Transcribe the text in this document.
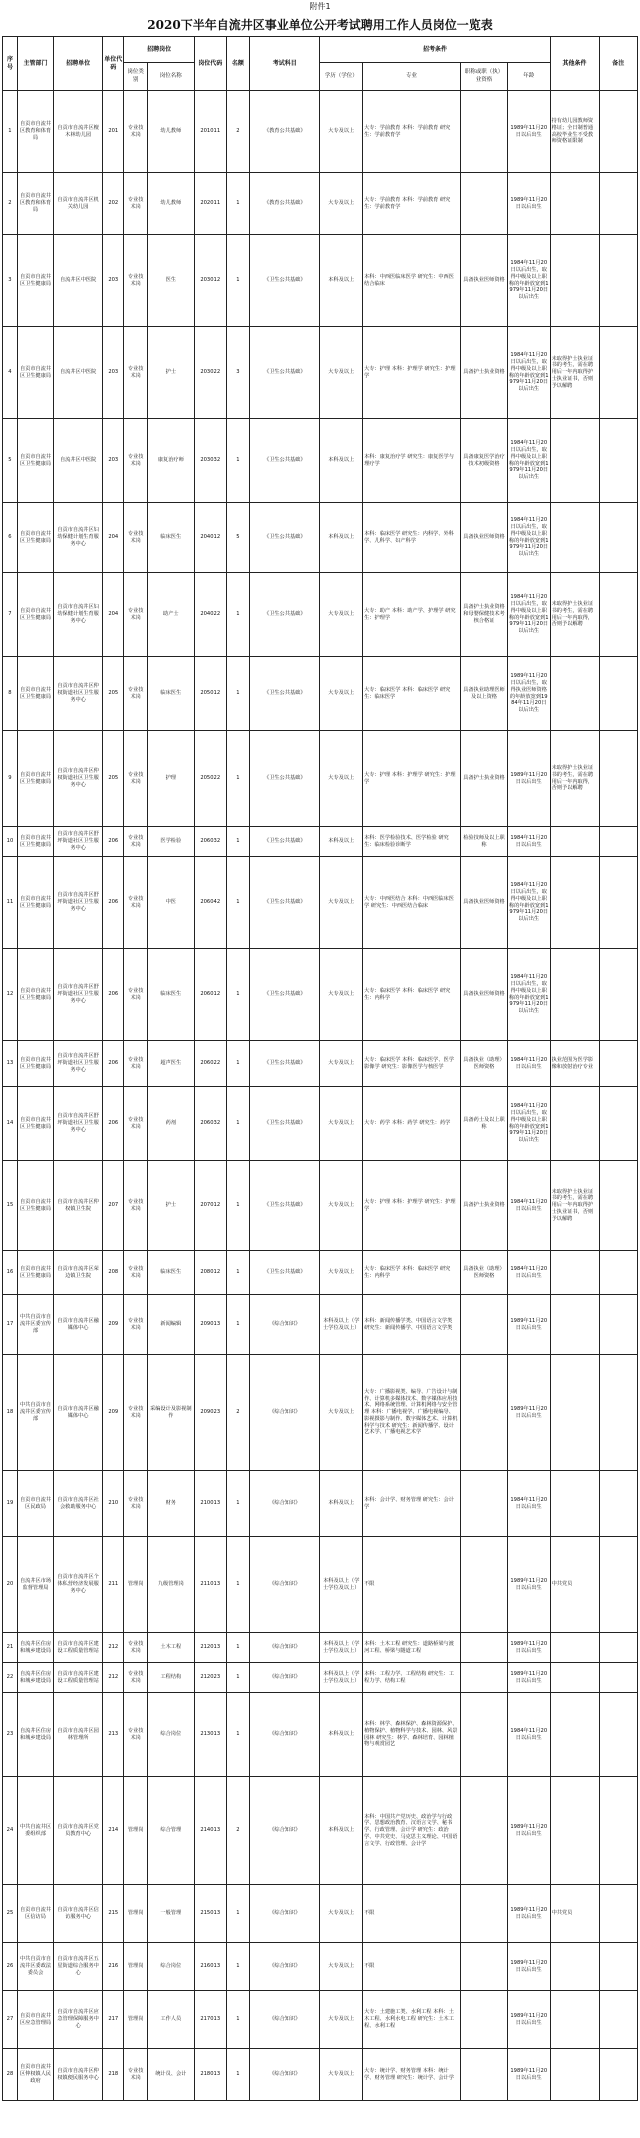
附件1
2020下半年自流井区事业单位公开考试聘用工作人员岗位一览表
序号	主管部门	招聘单位	单位代码	招聘岗位		岗位代码	名额	考试科目	招考条件				其他条件	备注
				岗位类别	岗位名称				学历（学位）	专业	职称或职（执）业资格	年龄		
1	自贡市自流井区教育和体育局	自贡市自流井区檀木林幼儿园	201	专业技术岗	幼儿教师	201011	2	《教育公共基础》	大专及以上	大专：学前教育 本科：学前教育 研究生：学前教育学		1989年11月20日以后出生	持有幼儿园教师资格证；全日制普通高校毕业生不受教师资格证限制	
2	自贡市自流井区教育和体育局	自贡市自流井区机关幼儿园	202	专业技术岗	幼儿教师	202011	1	《教育公共基础》	大专及以上	大专：学前教育 本科：学前教育 研究生：学前教育学		1989年11月20日以后出生		
3	自贡市自流井区卫生健康局	自流井区中医院	203	专业技术岗	医生	203012	1	《卫生公共基础》	本科及以上	本科：中西医临床医学 研究生：中西医结合临床	具备执业医师资格	1984年11月20日以后出生，取得中级及以上职称的年龄放宽到1979年11月20日以后出生		
4	自贡市自流井区卫生健康局	自流井区中医院	203	专业技术岗	护士	203022	3	《卫生公共基础》	大专及以上	大专：护理 本科：护理学 研究生：护理学	具备护士执业资格	1984年11月20日以后出生，取得中级及以上职称的年龄放宽到1979年11月20日以后出生	未取得护士执业证书的考生，需在聘用后一年内取得护士执业证书，否则予以解聘	
5	自贡市自流井区卫生健康局	自流井区中医院	203	专业技术岗	康复治疗师	203032	1	《卫生公共基础》	本科及以上	本科：康复治疗学 研究生：康复医学与理疗学	具备康复医学治疗技术初级资格	1984年11月20日以后出生，取得中级及以上职称的年龄放宽到1979年11月20日以后出生		
6	自贡市自流井区卫生健康局	自贡市自流井区妇幼保健计划生育服务中心	204	专业技术岗	临床医生	204012	5	《卫生公共基础》	本科及以上	本科：临床医学 研究生：内科学、外科学、儿科学、妇产科学	具备执业医师资格	1984年11月20日以后出生，取得中级及以上职称的年龄放宽到1979年11月20日以后出生		
7	自贡市自流井区卫生健康局	自贡市自流井区妇幼保健计划生育服务中心	204	专业技术岗	助产士	204022	1	《卫生公共基础》	大专及以上	大专：助产 本科：助产学、护理学 研究生：护理学	具备护士执业资格和母婴保健技术考核合格证	1984年11月20日以后出生，取得中级及以上职称的年龄放宽到1979年11月20日以后出生	未取得护士执业证书的考生，需在聘用后一年内取得，否则予以解聘	
8	自贡市自流井区卫生健康局	自贡市自流井区仲权街道社区卫生服务中心	205	专业技术岗	临床医生	205012	1	《卫生公共基础》	大专及以上	大专：临床医学 本科：临床医学 研究生：临床医学	具备执业助理医师及以上资格	1989年11月20日以后出生，取得执业医师资格的年龄放宽到1984年11月20日以后出生		
9	自贡市自流井区卫生健康局	自贡市自流井区仲权街道社区卫生服务中心	205	专业技术岗	护理	205022	1	《卫生公共基础》	大专及以上	大专：护理 本科：护理学 研究生：护理学	具备护士执业资格	1989年11月20日以后出生	未取得护士执业证书的考生，需在聘用后一年内取得，否则予以解聘	
10	自贡市自流井区卫生健康局	自贡市自流井区舒坪街道社区卫生服务中心	206	专业技术岗	医学检验	206032	1	《卫生公共基础》	本科及以上	本科：医学检验技术、医学检验 研究生：临床检验诊断学	检验技师及以上职称	1984年11月20日以后出生		
11	自贡市自流井区卫生健康局	自贡市自流井区舒坪街道社区卫生服务中心	206	专业技术岗	中医	206042	1	《卫生公共基础》	大专及以上	大专：中西医结合 本科：中西医临床医学 研究生：中西医结合临床	具备执业医师资格	1984年11月20日以后出生，取得中级及以上职称的年龄放宽到1979年11月20日以后出生		
12	自贡市自流井区卫生健康局	自贡市自流井区舒坪街道社区卫生服务中心	206	专业技术岗	临床医生	206012	1	《卫生公共基础》	大专及以上	大专：临床医学 本科：临床医学 研究生：内科学	具备执业医师资格	1984年11月20日以后出生，取得中级及以上职称的年龄放宽到1979年11月20日以后出生		
13	自贡市自流井区卫生健康局	自贡市自流井区舒坪街道社区卫生服务中心	206	专业技术岗	超声医生	206022	1	《卫生公共基础》	大专及以上	大专：临床医学 本科：临床医学、医学影像学 研究生：影像医学与核医学	具备执业（助理）医师资格	1984年11月20日以后出生	执业范围为医学影像和放射治疗专业	
14	自贡市自流井区卫生健康局	自贡市自流井区舒坪街道社区卫生服务中心	206	专业技术岗	药剂	206032	1	《卫生公共基础》	大专及以上	大专：药学 本科：药学 研究生：药学	具备药士及以上职称	1984年11月20日以后出生，取得中级及以上职称的年龄放宽到1979年11月20日以后出生		
15	自贡市自流井区卫生健康局	自贡市自流井区仲权镇卫生院	207	专业技术岗	护士	207012	1	《卫生公共基础》	大专及以上	大专：护理 本科：护理学 研究生：护理学	具备护士执业资格	1984年11月20日以后出生	未取得护士执业证书的考生，需在聘用后一年内取得护士执业证书，否则予以解聘	
16	自贡市自流井区卫生健康局	自贡市自流井区荣边镇卫生院	208	专业技术岗	临床医生	208012	1	《卫生公共基础》	大专及以上	大专：临床医学 本科：临床医学 研究生：内科学	具备执业（助理）医师资格	1984年11月20日以后出生		
17	中共自贡市自流井区委宣传部	自贡市自流井区融媒体中心	209	专业技术岗	新闻编辑	209013	1	《综合知识》	本科及以上（学士学位及以上）	本科：新闻传播学类、中国语言文学类 研究生：新闻传播学、中国语言文学类		1989年11月20日以后出生		
18	中共自贡市自流井区委宣传部	自贡市自流井区融媒体中心	209	专业技术岗	采编设计及影视制作	209023	2	《综合知识》	大专及以上	大专：广播影视类、编导、广告设计与制作、计算机多媒体技术、数字媒体应用技术、网络系统管理、计算机网络与安全管理 本科：广播电视学、广播电视编导、影视摄影与制作、数字媒体艺术、计算机科学与技术 研究生：新闻传播学、设计艺术学、广播电视艺术学		1989年11月20日以后出生		
19	自贡市自流井区民政局	自贡市自流井区社会救助服务中心	210	专业技术岗	财务	210013	1	《综合知识》	本科及以上	本科：会计学、财务管理 研究生：会计学		1984年11月20日以后出生		
20	自流井区市场监督管理局	自贡市自流井区个体私营经济发展服务中心	211	管理岗	九级管理岗	211013	1	《综合知识》	本科及以上（学士学位及以上）	不限		1989年11月20日以后出生	中共党员	
21	自流井区住房和城乡建设局	自贡市自流井区建设工程质量管理站	212	专业技术岗	土木工程	212013	1	《综合知识》	本科及以上（学士学位及以上）	本科：土木工程 研究生：道路桥梁与渡河工程、桥梁与隧道工程		1989年11月20日以后出生		
22	自流井区住房和城乡建设局	自贡市自流井区建设工程质量管理站	212	专业技术岗	工程结构	212023	1	《综合知识》	本科及以上（学士学位及以上）	本科：工程力学、工程结构 研究生：工程力学、结构工程		1989年11月20日以后出生		
23	自流井区住房和城乡建设局	自贡市自流井区园林管理所	213	专业技术岗	综合岗位	213013	1	《综合知识》	本科及以上	本科：林学、森林保护、森林资源保护、植物保护、植物科学与技术、园林、风景园林 研究生：林学、森林培育、园林植物与观赏园艺		1984年11月20日以后出生		
24	中共自流井区委组织部	自贡市自流井区党员教育中心	214	管理岗	综合管理	214013	2	《综合知识》	本科及以上	本科：中国共产党历史、政治学与行政学、思想政治教育、汉语言文学、秘书学、行政管理、会计学 研究生：政治学、中共党史、马克思主义理论、中国语言文学、行政管理、会计学		1989年11月20日以后出生		
25	自贡市自流井区信访局	自贡市自流井区信访服务中心	215	管理岗	一般管理	215013	1	《综合知识》	大专及以上	不限		1989年11月20日以后出生	中共党员	
26	中共自贡市自流井区委政法委员会	自贡市自流井区五星街道综合服务中心	216	管理岗	综合岗位	216013	1	《综合知识》	大专及以上	不限		1989年11月20日以后出生		
27	自贡市自流井区应急管理局	自贡市自流井区应急管理保障服务中心	217	管理岗	工作人员	217013	1	《综合知识》	大专及以上	大专：土建施工类、水利工程 本科：土木工程、水利水电工程 研究生：土木工程、水利工程		1989年11月20日以后出生		
28	自贡市自流井区仲权镇人民政府	自贡市自流井区仲权镇便民服务中心	218	专业技术岗	统计员、会计	218013	1	《综合知识》	大专及以上	大专：统计学、财务管理 本科：统计学、财务管理 研究生：统计学、会计学		1989年11月20日以后出生		
